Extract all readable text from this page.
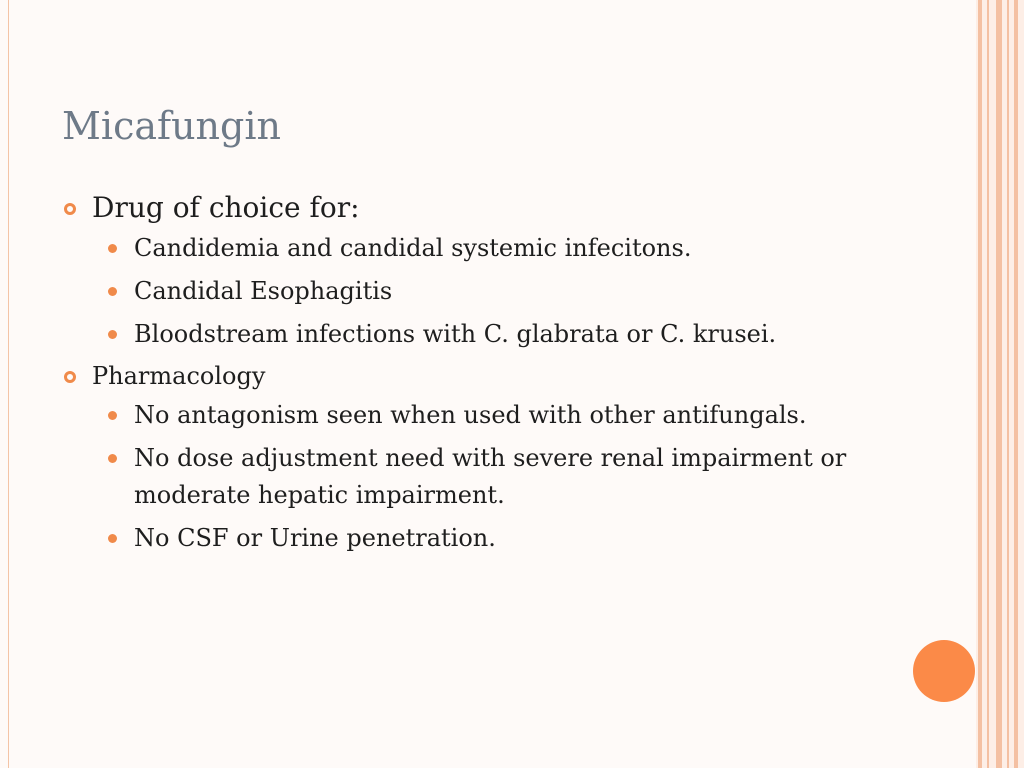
Micafungin
Drug of choice for:
Candidemia and candidal systemic infecitons.
Candidal Esophagitis
Bloodstream infections with C. glabrata or C. krusei.
Pharmacology
No antagonism seen when used with other antifungals.
No dose adjustment need with severe renal impairment or moderate hepatic impairment.
No CSF or Urine penetration.
